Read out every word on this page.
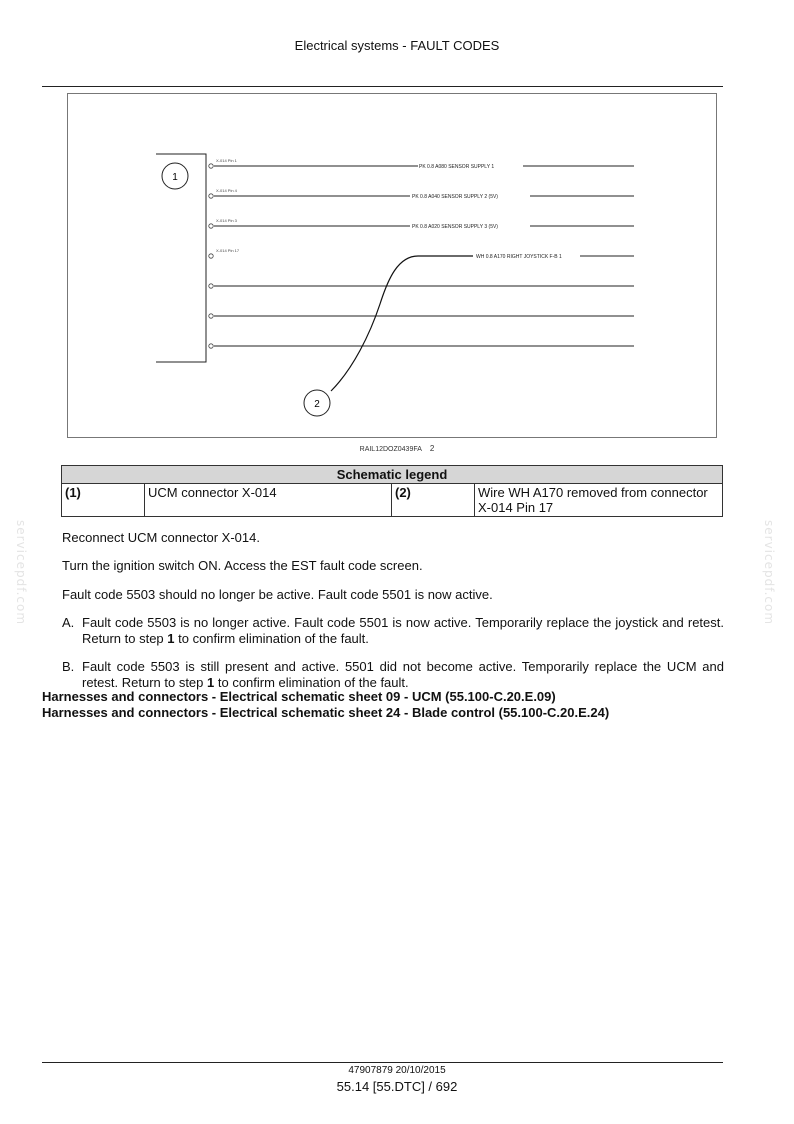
Electrical systems - FAULT CODES
servicepdf.com	servicepdf.com
1
X-014 Pin 1
X-014 Pin 4
X-014 Pin 3
X-014 Pin 17
PK 0.8 A080 SENSOR SUPPLY 1
PK 0.8 A040 SENSOR SUPPLY 2 (5V)
PK 0.8 A020 SENSOR SUPPLY 3 (5V)
WH 0.8 A170 RIGHT JOYSTICK F-B 1
2
RAIL12DOZ0439FA 2
Schematic legend
(1)	UCM connector X-014	(2)	Wire WH A170 removed from connector X-014 Pin 17
Reconnect UCM connector X-014.
Turn the ignition switch ON. Access the EST fault code screen.
Fault code 5503 should no longer be active. Fault code 5501 is now active.
A. Fault code 5503 is no longer active. Fault code 5501 is now active. Temporarily replace the joystick and retest. Return to step 1 to confirm elimination of the fault.
B. Fault code 5503 is still present and active. 5501 did not become active. Temporarily replace the UCM and retest. Return to step 1 to confirm elimination of the fault.
Harnesses and connectors - Electrical schematic sheet 09 - UCM (55.100-C.20.E.09)
Harnesses and connectors - Electrical schematic sheet 24 - Blade control (55.100-C.20.E.24)
47907879 20/10/2015
55.14 [55.DTC] / 692
